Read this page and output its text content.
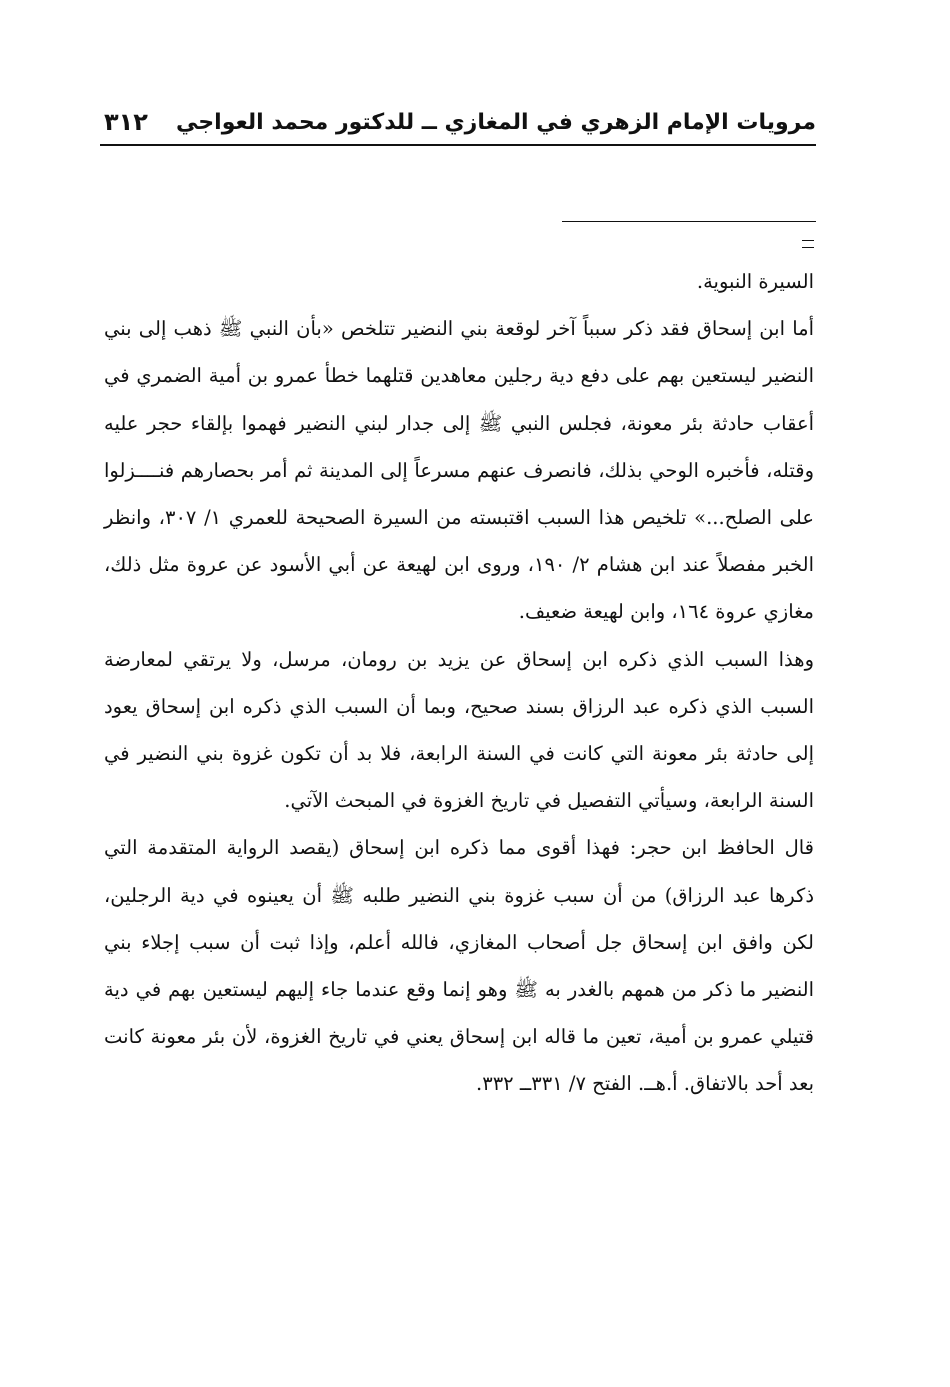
مرويات الإمام الزهري في المغازي ــ للدكتور محمد العواجي
٣١٢

السيرة النبوية.

أما ابن إسحاق فقد ذكر سبباً آخر لوقعة بني النضير تتلخص «بأن النبي ﷺ ذهب إلى بني النضير ليستعين بهم على دفع دية رجلين معاهدين قتلهما خطأ عمرو بن أمية الضمري في أعقاب حادثة بئر معونة، فجلس النبي ﷺ إلى جدار لبني النضير فهموا بإلقاء حجر عليه وقتله، فأخبره الوحي بذلك، فانصرف عنهم مسرعاً إلى المدينة ثم أمر بحصارهم فنــــزلوا على الصلح...» تلخيص هذا السبب اقتبسته من السيرة الصحيحة للعمري ١/ ٣٠٧، وانظر الخبر مفصلاً عند ابن هشام ٢/ ١٩٠، وروى ابن لهيعة عن أبي الأسود عن عروة مثل ذلك، مغازي عروة ١٦٤، وابن لهيعة ضعيف.

وهذا السبب الذي ذكره ابن إسحاق عن يزيد بن رومان، مرسل، ولا يرتقي لمعارضة السبب الذي ذكره عبد الرزاق بسند صحيح، وبما أن السبب الذي ذكره ابن إسحاق يعود إلى حادثة بئر معونة التي كانت في السنة الرابعة، فلا بد أن تكون غزوة بني النضير في السنة الرابعة، وسيأتي التفصيل في تاريخ الغزوة في المبحث الآتي.

قال الحافظ ابن حجر: فهذا أقوى مما ذكره ابن إسحاق (يقصد الرواية المتقدمة التي ذكرها عبد الرزاق) من أن سبب غزوة بني النضير طلبه ﷺ أن يعينوه في دية الرجلين، لكن وافق ابن إسحاق جل أصحاب المغازي، فالله أعلم، وإذا ثبت أن سبب إجلاء بني النضير ما ذكر من همهم بالغدر به ﷺ وهو إنما وقع عندما جاء إليهم ليستعين بهم في دية قتيلي عمرو بن أمية، تعين ما قاله ابن إسحاق يعني في تاريخ الغزوة، لأن بئر معونة كانت بعد أحد بالاتفاق. أ.هــ. الفتح ٧/ ٣٣١ــ ٣٣٢.
